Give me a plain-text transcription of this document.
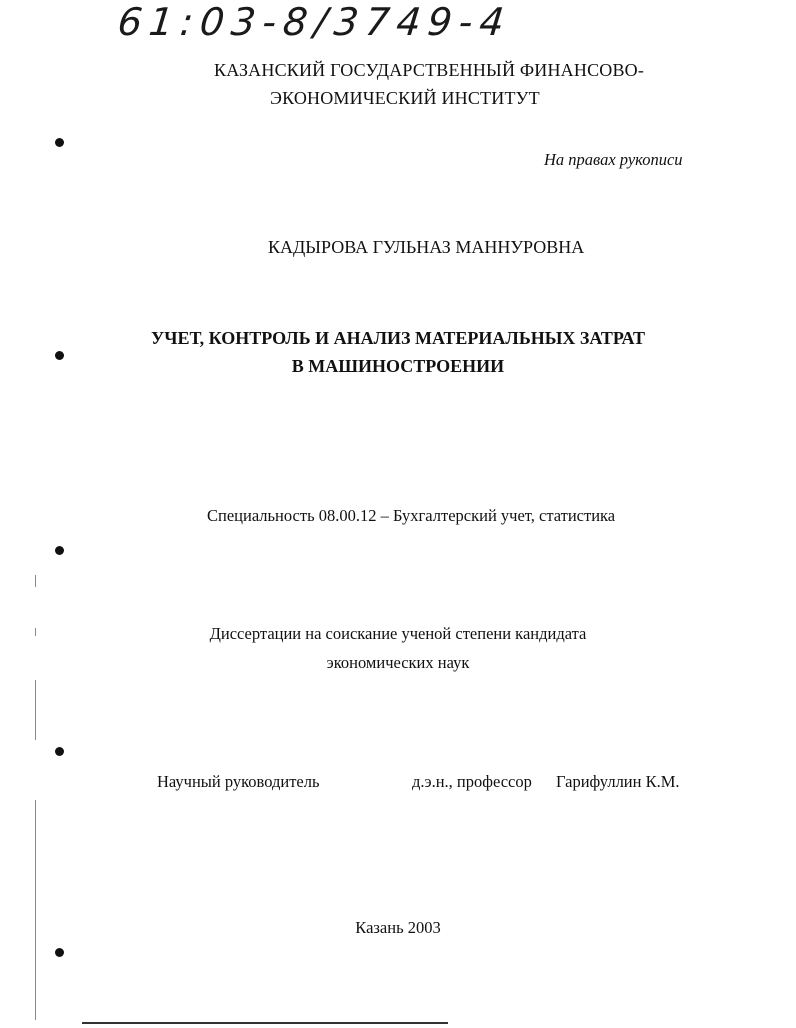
61:03-8/3749-4
КАЗАНСКИЙ ГОСУДАРСТВЕННЫЙ ФИНАНСОВО-
ЭКОНОМИЧЕСКИЙ ИНСТИТУТ
На правах рукописи
КАДЫРОВА ГУЛЬНАЗ МАННУРОВНА
УЧЕТ, КОНТРОЛЬ И АНАЛИЗ МАТЕРИАЛЬНЫХ ЗАТРАТ
В МАШИНОСТРОЕНИИ
Специальность 08.00.12 – Бухгалтерский учет, статистика
Диссертации на соискание ученой степени кандидата
экономических наук
Научный руководитель	д.э.н., профессор Гарифуллин К.М.
Казань 2003
